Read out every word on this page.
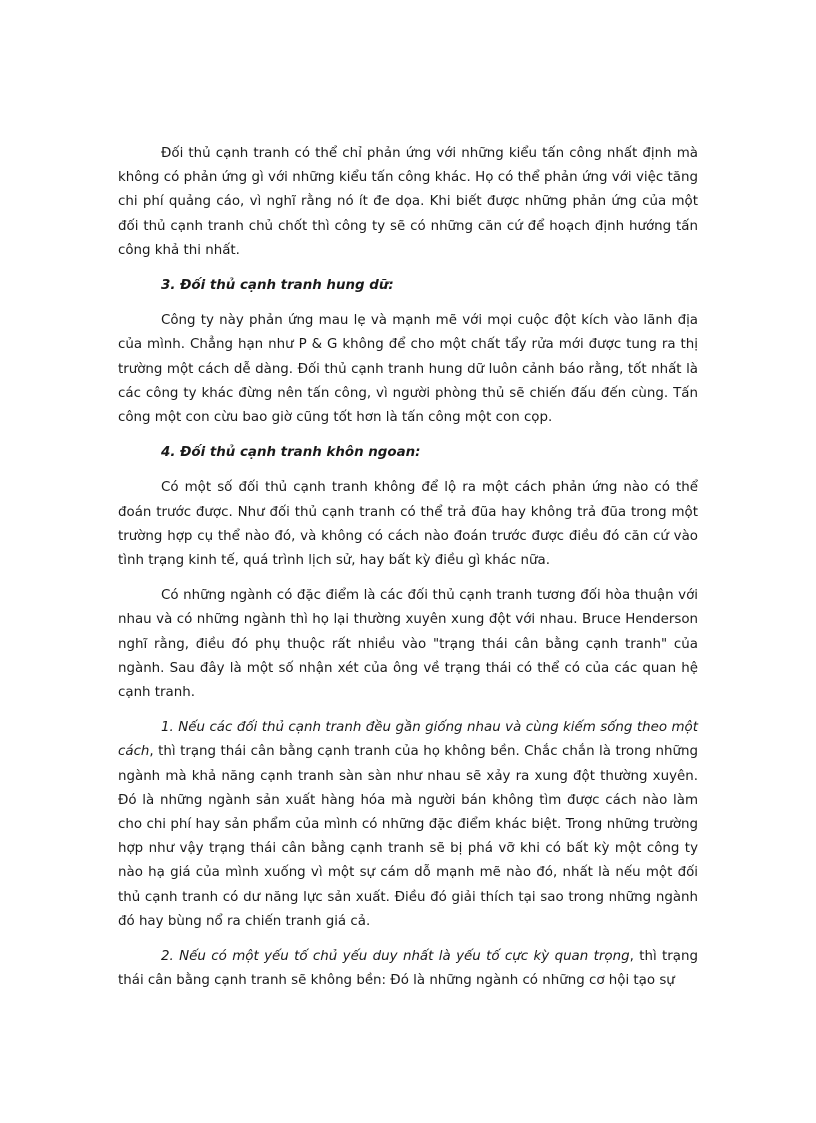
Đối thủ cạnh tranh có thể chỉ phản ứng với những kiểu tấn công nhất định mà không có phản ứng gì với những kiểu tấn công khác. Họ có thể phản ứng với việc tăng chi phí quảng cáo, vì nghĩ rằng nó ít đe dọa. Khi biết được những phản ứng của một đối thủ cạnh tranh chủ chốt thì công ty sẽ có những căn cứ để hoạch định hướng tấn công khả thi nhất.

3. Đối thủ cạnh tranh hung dữ:

Công ty này phản ứng mau lẹ và mạnh mẽ với mọi cuộc đột kích vào lãnh địa của mình. Chẳng hạn như P & G không để cho một chất tẩy rửa mới được tung ra thị trường một cách dễ dàng. Đối thủ cạnh tranh hung dữ luôn cảnh báo rằng, tốt nhất là các công ty khác đừng nên tấn công, vì người phòng thủ sẽ chiến đấu đến cùng. Tấn công một con cừu bao giờ cũng tốt hơn là tấn công một con cọp.

4. Đối thủ cạnh tranh khôn ngoan:

Có một số đối thủ cạnh tranh không để lộ ra một cách phản ứng nào có thể đoán trước được. Như đối thủ cạnh tranh có thể trả đũa hay không trả đũa trong một trường hợp cụ thể nào đó, và không có cách nào đoán trước được điều đó căn cứ vào tình trạng kinh tế, quá trình lịch sử, hay bất kỳ điều gì khác nữa.

Có những ngành có đặc điểm là các đối thủ cạnh tranh tương đối hòa thuận với nhau và có những ngành thì họ lại thường xuyên xung đột với nhau. Bruce Henderson nghĩ rằng, điều đó phụ thuộc rất nhiều vào "trạng thái cân bằng cạnh tranh" của ngành. Sau đây là một số nhận xét của ông về trạng thái có thể có của các quan hệ cạnh tranh.

1. Nếu các đối thủ cạnh tranh đều gần giống nhau và cùng kiếm sống theo một cách, thì trạng thái cân bằng cạnh tranh của họ không bền. Chắc chắn là trong những ngành mà khả năng cạnh tranh sàn sàn như nhau sẽ xảy ra xung đột thường xuyên. Đó là những ngành sản xuất hàng hóa mà người bán không tìm được cách nào làm cho chi phí hay sản phẩm của mình có những đặc điểm khác biệt. Trong những trường hợp như vậy trạng thái cân bằng cạnh tranh sẽ bị phá vỡ khi có bất kỳ một công ty nào hạ giá của mình xuống vì một sự cám dỗ mạnh mẽ nào đó, nhất là nếu một đối thủ cạnh tranh có dư năng lực sản xuất. Điều đó giải thích tại sao trong những ngành đó hay bùng nổ ra chiến tranh giá cả.

2. Nếu có một yếu tố chủ yếu duy nhất là yếu tố cực kỳ quan trọng, thì trạng thái cân bằng cạnh tranh sẽ không bền: Đó là những ngành có những cơ hội tạo sự
